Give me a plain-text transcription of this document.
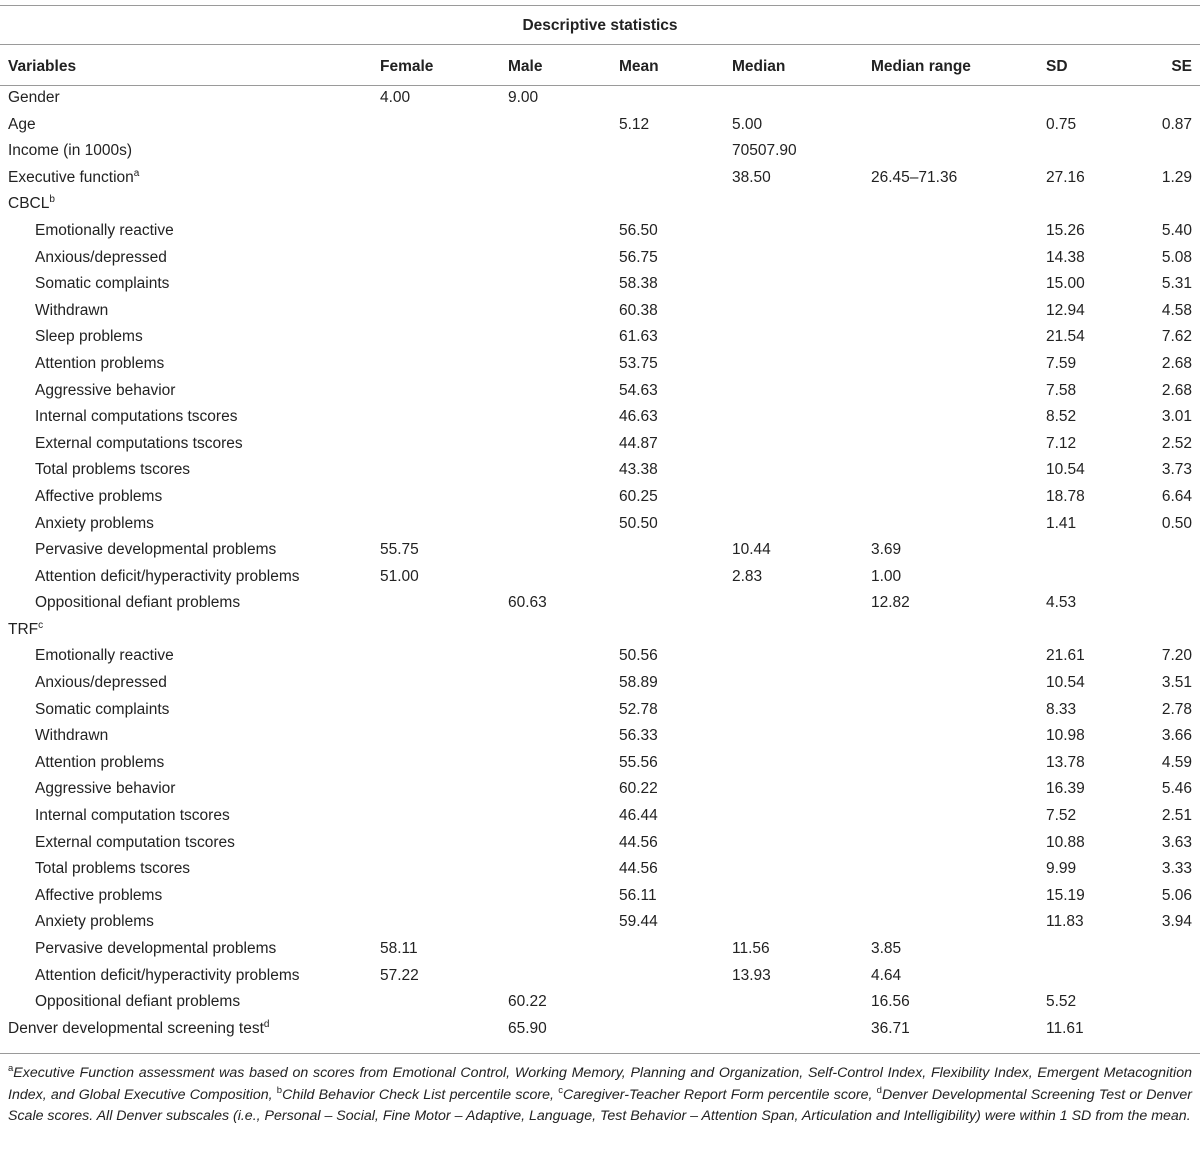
Descriptive statistics
Variables	Female	Male	Mean	Median	Median range	SD	SE

Gender	4.00	9.00					
Age			5.12	5.00		0.75	0.87
Income (in 1000s)				70507.90			
Executive function$^a$				38.50	26.45–71.36	27.16	1.29
CBCL$^b$							
Emotionally reactive			56.50			15.26	5.40
Anxious/depressed			56.75			14.38	5.08
Somatic complaints			58.38			15.00	5.31
Withdrawn			60.38			12.94	4.58
Sleep problems			61.63			21.54	7.62
Attention problems			53.75			7.59	2.68
Aggressive behavior			54.63			7.58	2.68
Internal computations tscores			46.63			8.52	3.01
External computations tscores			44.87			7.12	2.52
Total problems tscores			43.38			10.54	3.73
Affective problems			60.25			18.78	6.64
Anxiety problems			50.50			1.41	0.50
Pervasive developmental problems	55.75			10.44	3.69		
Attention deficit/hyperactivity problems	51.00			2.83	1.00		
Oppositional defiant problems		60.63			12.82	4.53	
TRF$^c$							
Emotionally reactive			50.56			21.61	7.20
Anxious/depressed			58.89			10.54	3.51
Somatic complaints			52.78			8.33	2.78
Withdrawn			56.33			10.98	3.66
Attention problems			55.56			13.78	4.59
Aggressive behavior			60.22			16.39	5.46
Internal computation tscores			46.44			7.52	2.51
External computation tscores			44.56			10.88	3.63
Total problems tscores			44.56			9.99	3.33
Affective problems			56.11			15.19	5.06
Anxiety problems			59.44			11.83	3.94
Pervasive developmental problems	58.11			11.56	3.85		
Attention deficit/hyperactivity problems	57.22			13.93	4.64		
Oppositional defiant problems		60.22			16.56	5.52	
Denver developmental screening test$^d$		65.90			36.71	11.61	
$^a$Executive Function assessment was based on scores from Emotional Control, Working Memory, Planning and Organization, Self-Control Index, Flexibility Index, Emergent Metacognition Index, and Global Executive Composition, $^b$Child Behavior Check List percentile score, $^c$Caregiver-Teacher Report Form percentile score, $^d$Denver Developmental Screening Test or Denver Scale scores. All Denver subscales (i.e., Personal – Social, Fine Motor – Adaptive, Language, Test Behavior – Attention Span, Articulation and Intelligibility) were within 1 SD from the mean.
